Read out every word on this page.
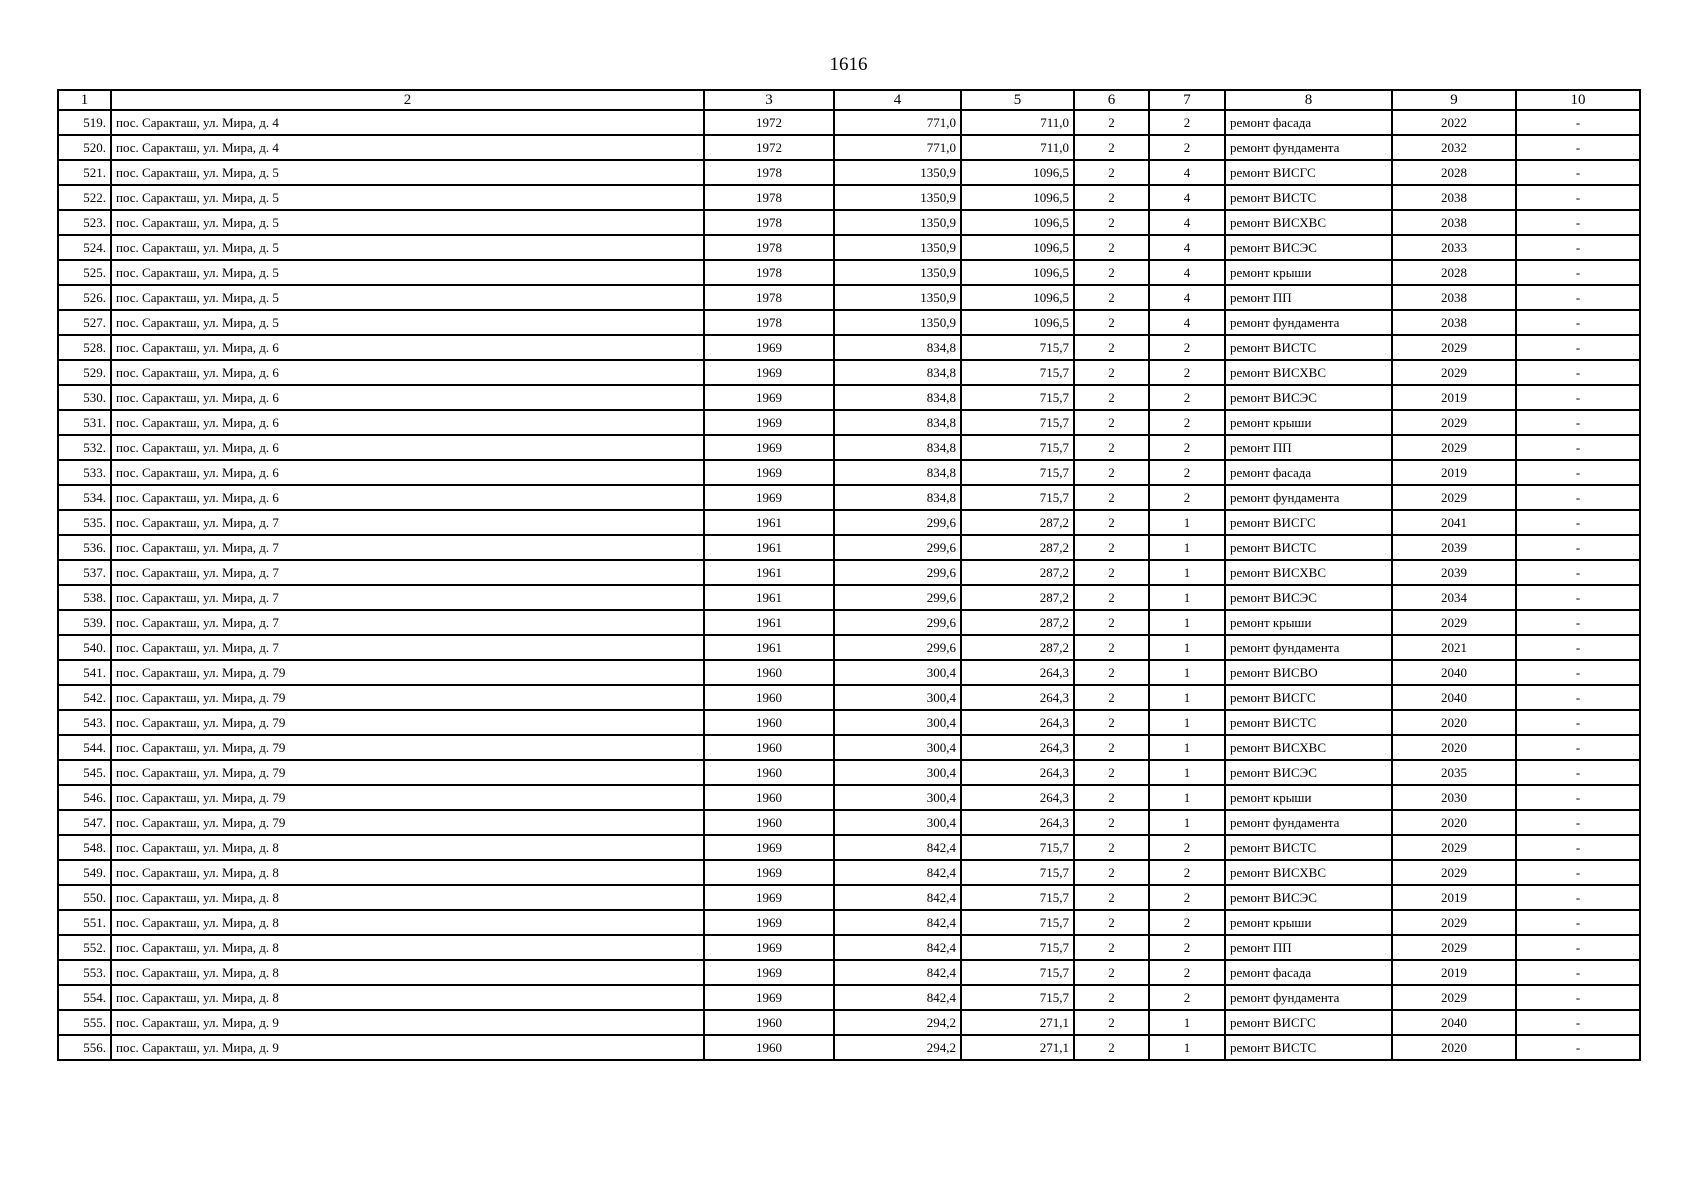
1616
1	2	3	4	5	6	7	8	9	10
519.	пос. Саракташ, ул. Мира, д. 4	1972	771,0	711,0	2	2	ремонт фасада	2022	-
520.	пос. Саракташ, ул. Мира, д. 4	1972	771,0	711,0	2	2	ремонт фундамента	2032	-
521.	пос. Саракташ, ул. Мира, д. 5	1978	1350,9	1096,5	2	4	ремонт ВИСГС	2028	-
522.	пос. Саракташ, ул. Мира, д. 5	1978	1350,9	1096,5	2	4	ремонт ВИСТС	2038	-
523.	пос. Саракташ, ул. Мира, д. 5	1978	1350,9	1096,5	2	4	ремонт ВИСХВС	2038	-
524.	пос. Саракташ, ул. Мира, д. 5	1978	1350,9	1096,5	2	4	ремонт ВИСЭС	2033	-
525.	пос. Саракташ, ул. Мира, д. 5	1978	1350,9	1096,5	2	4	ремонт крыши	2028	-
526.	пос. Саракташ, ул. Мира, д. 5	1978	1350,9	1096,5	2	4	ремонт ПП	2038	-
527.	пос. Саракташ, ул. Мира, д. 5	1978	1350,9	1096,5	2	4	ремонт фундамента	2038	-
528.	пос. Саракташ, ул. Мира, д. 6	1969	834,8	715,7	2	2	ремонт ВИСТС	2029	-
529.	пос. Саракташ, ул. Мира, д. 6	1969	834,8	715,7	2	2	ремонт ВИСХВС	2029	-
530.	пос. Саракташ, ул. Мира, д. 6	1969	834,8	715,7	2	2	ремонт ВИСЭС	2019	-
531.	пос. Саракташ, ул. Мира, д. 6	1969	834,8	715,7	2	2	ремонт крыши	2029	-
532.	пос. Саракташ, ул. Мира, д. 6	1969	834,8	715,7	2	2	ремонт ПП	2029	-
533.	пос. Саракташ, ул. Мира, д. 6	1969	834,8	715,7	2	2	ремонт фасада	2019	-
534.	пос. Саракташ, ул. Мира, д. 6	1969	834,8	715,7	2	2	ремонт фундамента	2029	-
535.	пос. Саракташ, ул. Мира, д. 7	1961	299,6	287,2	2	1	ремонт ВИСГС	2041	-
536.	пос. Саракташ, ул. Мира, д. 7	1961	299,6	287,2	2	1	ремонт ВИСТС	2039	-
537.	пос. Саракташ, ул. Мира, д. 7	1961	299,6	287,2	2	1	ремонт ВИСХВС	2039	-
538.	пос. Саракташ, ул. Мира, д. 7	1961	299,6	287,2	2	1	ремонт ВИСЭС	2034	-
539.	пос. Саракташ, ул. Мира, д. 7	1961	299,6	287,2	2	1	ремонт крыши	2029	-
540.	пос. Саракташ, ул. Мира, д. 7	1961	299,6	287,2	2	1	ремонт фундамента	2021	-
541.	пос. Саракташ, ул. Мира, д. 79	1960	300,4	264,3	2	1	ремонт ВИСВО	2040	-
542.	пос. Саракташ, ул. Мира, д. 79	1960	300,4	264,3	2	1	ремонт ВИСГС	2040	-
543.	пос. Саракташ, ул. Мира, д. 79	1960	300,4	264,3	2	1	ремонт ВИСТС	2020	-
544.	пос. Саракташ, ул. Мира, д. 79	1960	300,4	264,3	2	1	ремонт ВИСХВС	2020	-
545.	пос. Саракташ, ул. Мира, д. 79	1960	300,4	264,3	2	1	ремонт ВИСЭС	2035	-
546.	пос. Саракташ, ул. Мира, д. 79	1960	300,4	264,3	2	1	ремонт крыши	2030	-
547.	пос. Саракташ, ул. Мира, д. 79	1960	300,4	264,3	2	1	ремонт фундамента	2020	-
548.	пос. Саракташ, ул. Мира, д. 8	1969	842,4	715,7	2	2	ремонт ВИСТС	2029	-
549.	пос. Саракташ, ул. Мира, д. 8	1969	842,4	715,7	2	2	ремонт ВИСХВС	2029	-
550.	пос. Саракташ, ул. Мира, д. 8	1969	842,4	715,7	2	2	ремонт ВИСЭС	2019	-
551.	пос. Саракташ, ул. Мира, д. 8	1969	842,4	715,7	2	2	ремонт крыши	2029	-
552.	пос. Саракташ, ул. Мира, д. 8	1969	842,4	715,7	2	2	ремонт ПП	2029	-
553.	пос. Саракташ, ул. Мира, д. 8	1969	842,4	715,7	2	2	ремонт фасада	2019	-
554.	пос. Саракташ, ул. Мира, д. 8	1969	842,4	715,7	2	2	ремонт фундамента	2029	-
555.	пос. Саракташ, ул. Мира, д. 9	1960	294,2	271,1	2	1	ремонт ВИСГС	2040	-
556.	пос. Саракташ, ул. Мира, д. 9	1960	294,2	271,1	2	1	ремонт ВИСТС	2020	-
